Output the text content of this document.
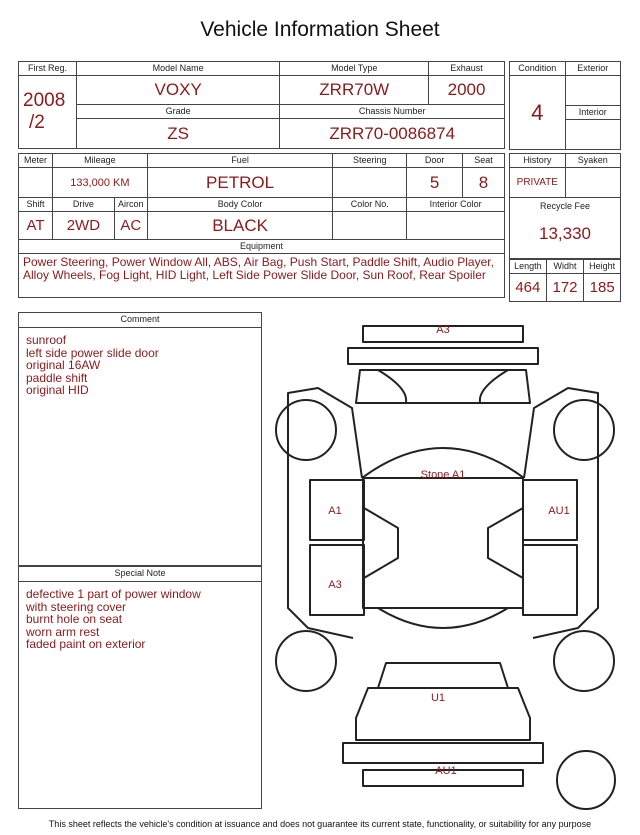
Vehicle Information Sheet
First Reg.	Model Name	Model Type	Exhaust

2008
/2	VOXY	ZRR70W	2000
	Grade	Chassis Number	
	ZS	ZRR70-0086874	
Condition	Exterior
4	
	Interior

Meter	Mileage		Fuel	Steering	Door	Seat
	133,000 KM		PETROL		5	8
Shift	Drive	Aircon	Body Color	Color No.	Interior Color	
AT	2WD	AC	BLACK			
Equipment						

Power Steering, Power Window All, ABS, Air Bag, Push Start, Paddle Shift, Audio Player, Alloy Wheels, Fog Light, HID Light, Left Side Power Slide Door, Sun Roof, Rear Spoiler						
History	Syaken
PRIVATE	
Recycle Fee
13,330
Length	Widht	Height
464	172	185
Comment
sunroof
left side power slide door
original 16AW
paddle shift
original HID
Special Note
defective 1 part of power window
with steering cover
burnt hole on seat
worn arm rest
faded paint on exterior
A3
Stone A1
A1
A3
AU1
U1
AU1
This sheet reflects the vehicle's condition at issuance and does not guarantee its current state, functionality, or suitability for any purpose
